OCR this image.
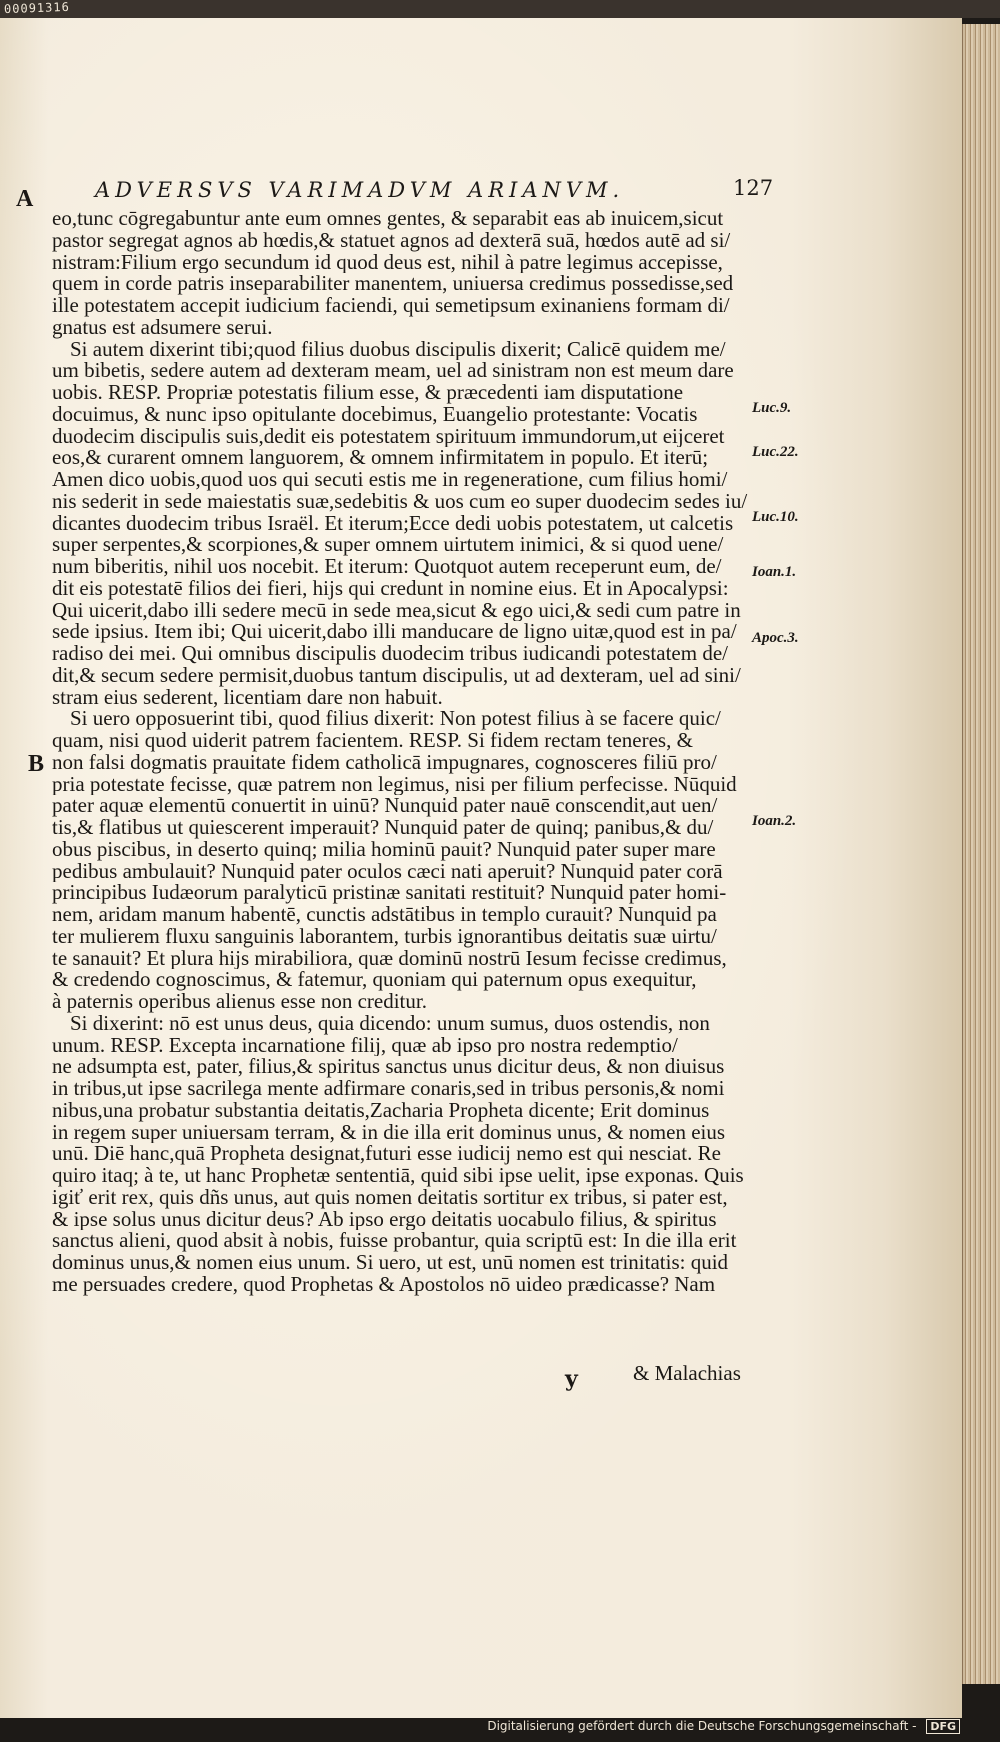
00091316
ADVERSVS VARIMADVM ARIANVM.	127
A
B
Luc.9.
Luc.22.
Luc.10.
Ioan.1.
Apoc.3.
Ioan.2.
eo,tunc cōgregabuntur ante eum omnes gentes, & separabit eas ab inuicem,sicut
pastor segregat agnos ab hœdis,& statuet agnos ad dexterā suā, hœdos autē ad si/
nistram:Filium ergo secundum id quod deus est, nihil à patre legimus accepisse,
quem in corde patris inseparabiliter manentem, uniuersa credimus possedisse,sed
ille potestatem accepit iudicium faciendi, qui semetipsum exinaniens formam di/
gnatus est adsumere serui.
Si autem dixerint tibi;quod filius duobus discipulis dixerit; Calicē quidem me/
um bibetis, sedere autem ad dexteram meam, uel ad sinistram non est meum dare
uobis. RESP. Propriæ potestatis filium esse, & præcedenti iam disputatione
docuimus, & nunc ipso opitulante docebimus, Euangelio protestante: Vocatis
duodecim discipulis suis,dedit eis potestatem spirituum immundorum,ut eijceret
eos,& curarent omnem languorem, & omnem infirmitatem in populo. Et iterū;
Amen dico uobis,quod uos qui secuti estis me in regeneratione, cum filius homi/
nis sederit in sede maiestatis suæ,sedebitis & uos cum eo super duodecim sedes iu/
dicantes duodecim tribus Israël. Et iterum;Ecce dedi uobis potestatem, ut calcetis
super serpentes,& scorpiones,& super omnem uirtutem inimici, & si quod uene/
num biberitis, nihil uos nocebit. Et iterum: Quotquot autem receperunt eum, de/
dit eis potestatē filios dei fieri, hijs qui credunt in nomine eius. Et in Apocalypsi:
Qui uicerit,dabo illi sedere mecū in sede mea,sicut & ego uici,& sedi cum patre in
sede ipsius. Item ibi; Qui uicerit,dabo illi manducare de ligno uitæ,quod est in pa/
radiso dei mei. Qui omnibus discipulis duodecim tribus iudicandi potestatem de/
dit,& secum sedere permisit,duobus tantum discipulis, ut ad dexteram, uel ad sini/
stram eius sederent, licentiam dare non habuit.
Si uero opposuerint tibi, quod filius dixerit: Non potest filius à se facere quic/
quam, nisi quod uiderit patrem facientem. RESP. Si fidem rectam teneres, &
non falsi dogmatis prauitate fidem catholicā impugnares, cognosceres filiū pro/
pria potestate fecisse, quæ patrem non legimus, nisi per filium perfecisse. Nūquid
pater aquæ elementū conuertit in uinū? Nunquid pater nauē conscendit,aut uen/
tis,& flatibus ut quiescerent imperauit? Nunquid pater de quinq; panibus,& du/
obus piscibus, in deserto quinq; milia hominū pauit? Nunquid pater super mare
pedibus ambulauit? Nunquid pater oculos cæci nati aperuit? Nunquid pater corā
principibus Iudæorum paralyticū pristinæ sanitati restituit? Nunquid pater homi-
nem, aridam manum habentē, cunctis adstātibus in templo curauit? Nunquid pa
ter mulierem fluxu sanguinis laborantem, turbis ignorantibus deitatis suæ uirtu/
te sanauit? Et plura hijs mirabiliora, quæ dominū nostrū Iesum fecisse credimus,
& credendo cognoscimus, & fatemur, quoniam qui paternum opus exequitur,
à paternis operibus alienus esse non creditur.
Si dixerint: nō est unus deus, quia dicendo: unum sumus, duos ostendis, non
unum. RESP. Excepta incarnatione filij, quæ ab ipso pro nostra redemptio/
ne adsumpta est, pater, filius,& spiritus sanctus unus dicitur deus, & non diuisus
in tribus,ut ipse sacrilega mente adfirmare conaris,sed in tribus personis,& nomi
nibus,una probatur substantia deitatis,Zacharia Propheta dicente; Erit dominus
in regem super uniuersam terram, & in die illa erit dominus unus, & nomen eius
unū. Diē hanc,quā Propheta designat,futuri esse iudicij nemo est qui nesciat. Re
quiro itaq; à te, ut hanc Prophetæ sententiā, quid sibi ipse uelit, ipse exponas. Quis
igiť erit rex, quis dñs unus, aut quis nomen deitatis sortitur ex tribus, si pater est,
& ipse solus unus dicitur deus? Ab ipso ergo deitatis uocabulo filius, & spiritus
sanctus alieni, quod absit à nobis, fuisse probantur, quia scriptū est: In die illa erit
dominus unus,& nomen eius unum. Si uero, ut est, unū nomen est trinitatis: quid
me persuades credere, quod Prophetas & Apostolos nō uideo prædicasse? Nam
y	& Malachias
Digitalisierung gefördert durch die Deutsche Forschungsgemeinschaft - DFG
